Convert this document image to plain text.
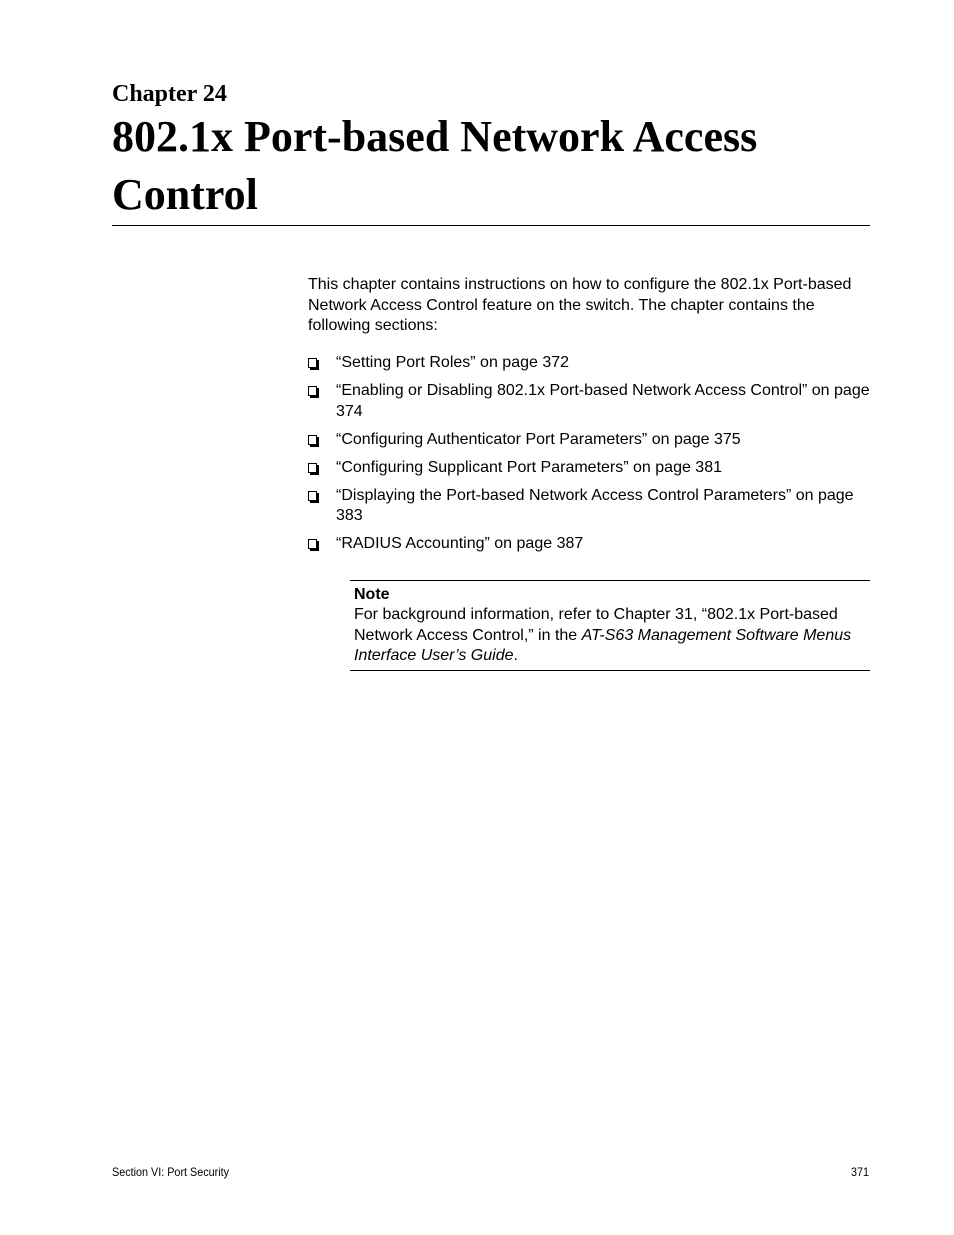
Chapter 24
802.1x Port-based Network Access Control

This chapter contains instructions on how to configure the 802.1x Port-based Network Access Control feature on the switch. The chapter contains the following sections:

“Setting Port Roles” on page 372
“Enabling or Disabling 802.1x Port-based Network Access Control” on page 374
“Configuring Authenticator Port Parameters” on page 375
“Configuring Supplicant Port Parameters” on page 381
“Displaying the Port-based Network Access Control Parameters” on page 383
“RADIUS Accounting” on page 387

Note

For background information, refer to Chapter 31, “802.1x Port-based Network Access Control,” in the AT-S63 Management Software Menus Interface User’s Guide.

Section VI: Port Security	371
